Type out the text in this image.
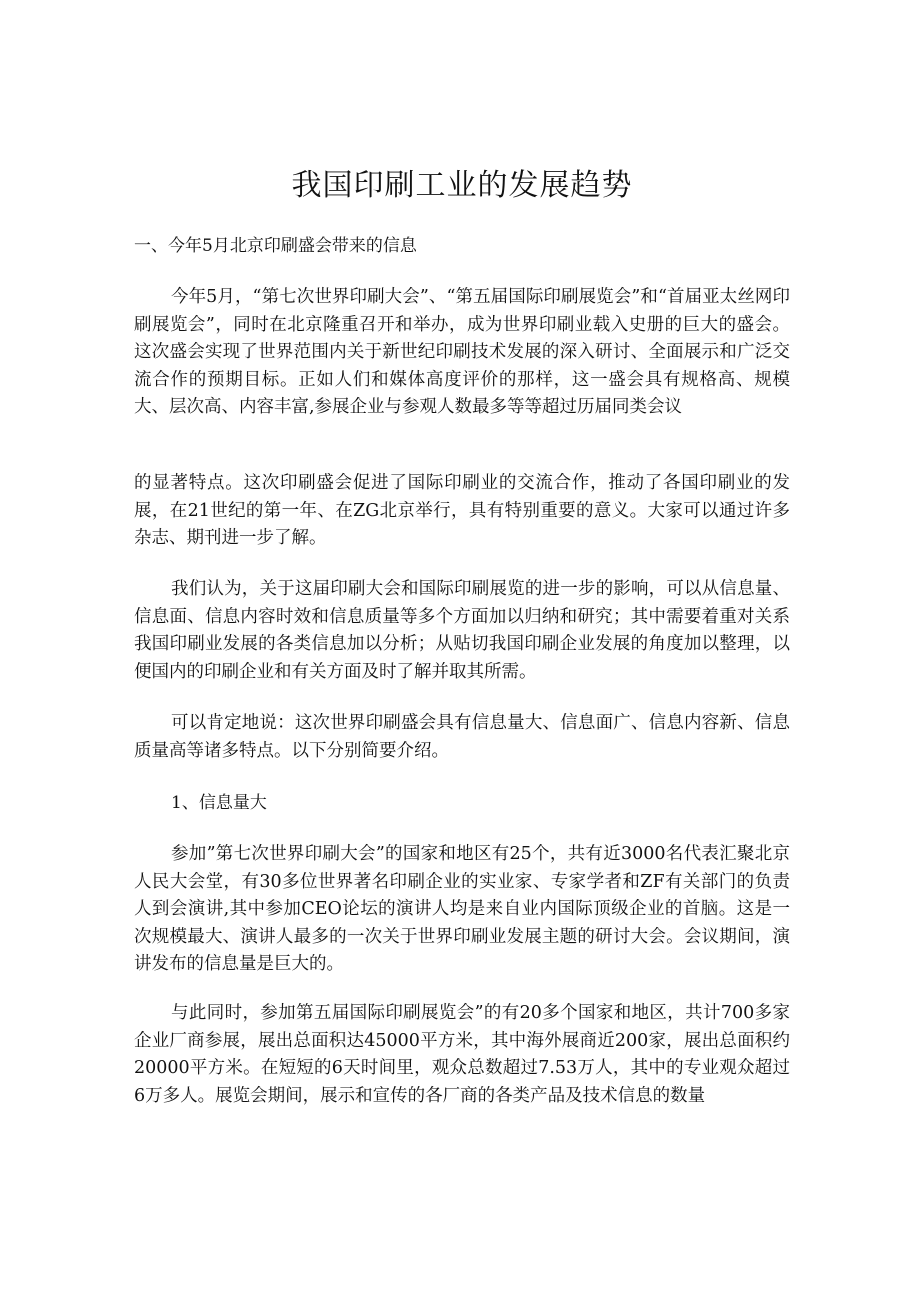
我国印刷工业的发展趋势

一、今年5月北京印刷盛会带来的信息

今年5月，“第七次世界印刷大会”、“第五届国际印刷展览会”和“首届亚太丝网印刷展览会”，同时在北京隆重召开和举办，成为世界印刷业载入史册的巨大的盛会。这次盛会实现了世界范围内关于新世纪印刷技术发展的深入研讨、全面展示和广泛交流合作的预期目标。正如人们和媒体高度评价的那样，这一盛会具有规格高、规模大、层次高、内容丰富,参展企业与参观人数最多等等超过历届同类会议

的显著特点。这次印刷盛会促进了国际印刷业的交流合作，推动了各国印刷业的发展，在21世纪的第一年、在ZG北京举行，具有特别重要的意义。大家可以通过许多杂志、期刊进一步了解。

我们认为，关于这届印刷大会和国际印刷展览的进一步的影响，可以从信息量、信息面、信息内容时效和信息质量等多个方面加以归纳和研究；其中需要着重对关系我国印刷业发展的各类信息加以分析；从贴切我国印刷企业发展的角度加以整理，以便国内的印刷企业和有关方面及时了解并取其所需。

可以肯定地说：这次世界印刷盛会具有信息量大、信息面广、信息内容新、信息质量高等诸多特点。以下分别简要介绍。

1、信息量大

参加”第七次世界印刷大会”的国家和地区有25个，共有近3000名代表汇聚北京人民大会堂，有30多位世界著名印刷企业的实业家、专家学者和ZF有关部门的负责人到会演讲,其中参加CEO论坛的演讲人均是来自业内国际顶级企业的首脑。这是一次规模最大、演讲人最多的一次关于世界印刷业发展主题的研讨大会。会议期间，演讲发布的信息量是巨大的。

与此同时，参加第五届国际印刷展览会”的有20多个国家和地区，共计700多家企业厂商参展，展出总面积达45000平方米，其中海外展商近200家，展出总面积约20000平方米。在短短的6天时间里，观众总数超过7.53万人，其中的专业观众超过6万多人。展览会期间，展示和宣传的各厂商的各类产品及技术信息的数量
